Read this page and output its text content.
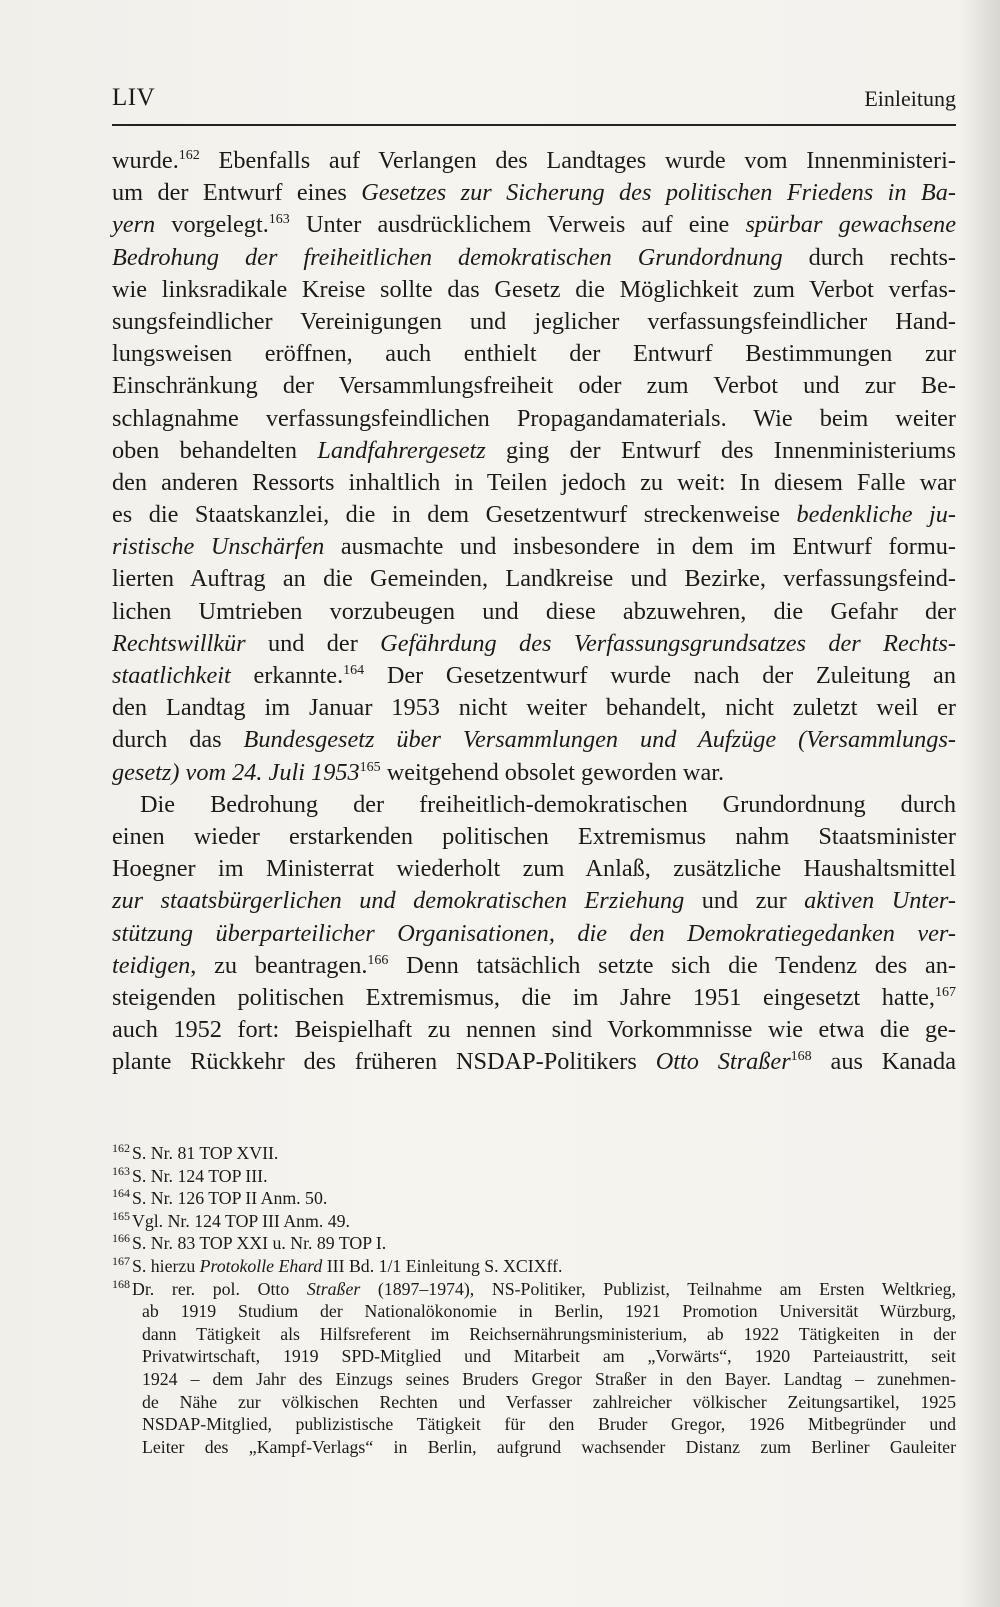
LIV	Einleitung
wurde.$^{162}$ Ebenfalls auf Verlangen des Landtages wurde vom Innenministeri-
um der Entwurf eines Gesetzes zur Sicherung des politischen Friedens in Ba-
yern vorgelegt.$^{163}$ Unter ausdrücklichem Verweis auf eine spürbar gewachsene
Bedrohung der freiheitlichen demokratischen Grundordnung durch rechts-
wie linksradikale Kreise sollte das Gesetz die Möglichkeit zum Verbot verfas-
sungsfeindlicher Vereinigungen und jeglicher verfassungsfeindlicher Hand-
lungsweisen eröffnen, auch enthielt der Entwurf Bestimmungen zur
Einschränkung der Versammlungsfreiheit oder zum Verbot und zur Be-
schlagnahme verfassungsfeindlichen Propagandamaterials. Wie beim weiter
oben behandelten Landfahrergesetz ging der Entwurf des Innenministeriums
den anderen Ressorts inhaltlich in Teilen jedoch zu weit: In diesem Falle war
es die Staatskanzlei, die in dem Gesetzentwurf streckenweise bedenkliche ju-
ristische Unschärfen ausmachte und insbesondere in dem im Entwurf formu-
lierten Auftrag an die Gemeinden, Landkreise und Bezirke, verfassungsfeind-
lichen Umtrieben vorzubeugen und diese abzuwehren, die Gefahr der
Rechtswillkür und der Gefährdung des Verfassungsgrundsatzes der Rechts-
staatlichkeit erkannte.$^{164}$ Der Gesetzentwurf wurde nach der Zuleitung an
den Landtag im Januar 1953 nicht weiter behandelt, nicht zuletzt weil er
durch das Bundesgesetz über Versammlungen und Aufzüge (Versammlungs-
gesetz) vom 24. Juli 1953$^{165}$ weitgehend obsolet geworden war.
Die Bedrohung der freiheitlich-demokratischen Grundordnung durch
einen wieder erstarkenden politischen Extremismus nahm Staatsminister
Hoegner im Ministerrat wiederholt zum Anlaß, zusätzliche Haushaltsmittel
zur staatsbürgerlichen und demokratischen Erziehung und zur aktiven Unter-
stützung überparteilicher Organisationen, die den Demokratiegedanken ver-
teidigen, zu beantragen.$^{166}$ Denn tatsächlich setzte sich die Tendenz des an-
steigenden politischen Extremismus, die im Jahre 1951 eingesetzt hatte,$^{167}$
auch 1952 fort: Beispielhaft zu nennen sind Vorkommnisse wie etwa die ge-
plante Rückkehr des früheren NSDAP-Politikers Otto Straßer$^{168}$ aus Kanada
$^{162}$ S. Nr. 81 TOP XVII.
$^{163}$ S. Nr. 124 TOP III.
$^{164}$ S. Nr. 126 TOP II Anm. 50.
$^{165}$ Vgl. Nr. 124 TOP III Anm. 49.
$^{166}$ S. Nr. 83 TOP XXI u. Nr. 89 TOP I.
$^{167}$ S. hierzu Protokolle Ehard III Bd. 1/1 Einleitung S. XCIXff.
$^{168}$ Dr. rer. pol. Otto Straßer (1897–1974), NS-Politiker, Publizist, Teilnahme am Ersten Weltkrieg,
ab 1919 Studium der Nationalökonomie in Berlin, 1921 Promotion Universität Würzburg,
dann Tätigkeit als Hilfsreferent im Reichsernährungsministerium, ab 1922 Tätigkeiten in der
Privatwirtschaft, 1919 SPD-Mitglied und Mitarbeit am „Vorwärts“, 1920 Parteiaustritt, seit
1924 – dem Jahr des Einzugs seines Bruders Gregor Straßer in den Bayer. Landtag – zunehmen-
de Nähe zur völkischen Rechten und Verfasser zahlreicher völkischer Zeitungsartikel, 1925
NSDAP-Mitglied, publizistische Tätigkeit für den Bruder Gregor, 1926 Mitbegründer und
Leiter des „Kampf-Verlags“ in Berlin, aufgrund wachsender Distanz zum Berliner Gauleiter
